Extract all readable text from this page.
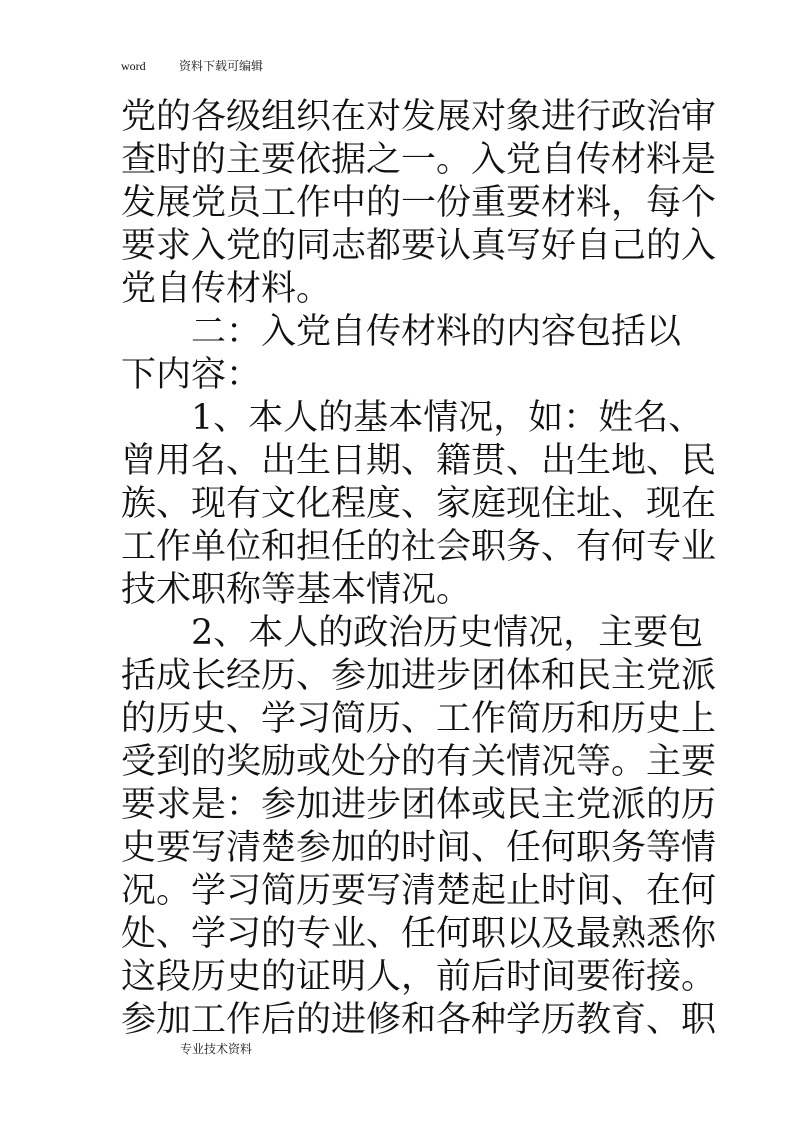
word	资料下载可编辑
党的各级组织在对发展对象进行政治审
查时的主要依据之一。入党自传材料是
发展党员工作中的一份重要材料，每个
要求入党的同志都要认真写好自己的入
党自传材料。
　　二：入党自传材料的内容包括以
下内容：
　　1、本人的基本情况，如：姓名、
曾用名、出生日期、籍贯、出生地、民
族、现有文化程度、家庭现住址、现在
工作单位和担任的社会职务、有何专业
技术职称等基本情况。
　　2、本人的政治历史情况，主要包
括成长经历、参加进步团体和民主党派
的历史、学习简历、工作简历和历史上
受到的奖励或处分的有关情况等。主要
要求是：参加进步团体或民主党派的历
史要写清楚参加的时间、任何职务等情
况。学习简历要写清楚起止时间、在何
处、学习的专业、任何职以及最熟悉你
这段历史的证明人，前后时间要衔接。
参加工作后的进修和各种学历教育、职
专业技术资料
